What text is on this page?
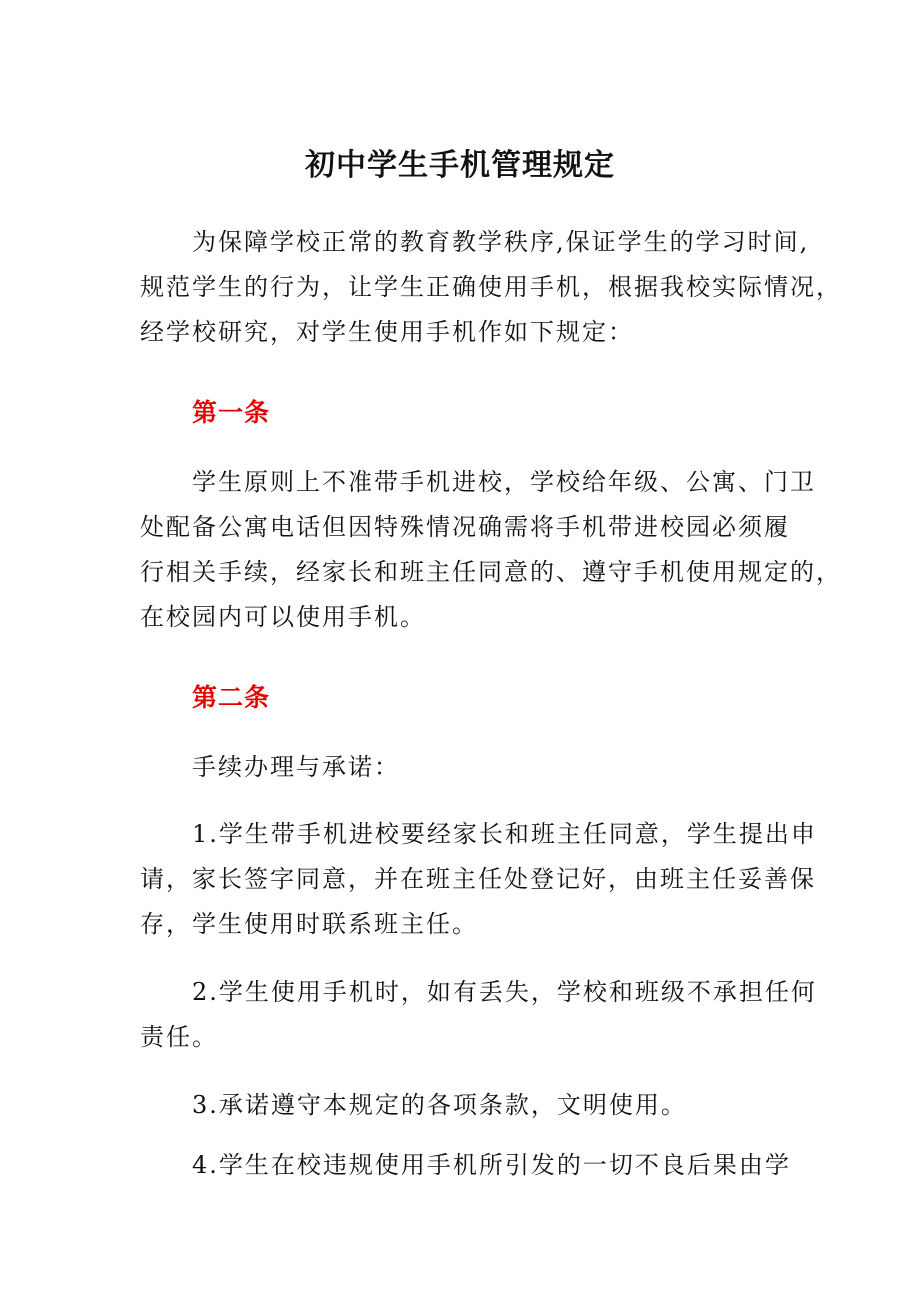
初中学生手机管理规定
为保障学校正常的教育教学秩序,保证学生的学习时间,
规范学生的行为，让学生正确使用手机，根据我校实际情况，
经学校研究，对学生使用手机作如下规定：
第一条
学生原则上不准带手机进校，学校给年级、公寓、门卫
处配备公寓电话但因特殊情况确需将手机带进校园必须履
行相关手续，经家长和班主任同意的、遵守手机使用规定的，
在校园内可以使用手机。
第二条
手续办理与承诺：
1.学生带手机进校要经家长和班主任同意，学生提出申
请，家长签字同意，并在班主任处登记好，由班主任妥善保
存，学生使用时联系班主任。
2.学生使用手机时，如有丢失，学校和班级不承担任何
责任。
3.承诺遵守本规定的各项条款，文明使用。
4.学生在校违规使用手机所引发的一切不良后果由学
